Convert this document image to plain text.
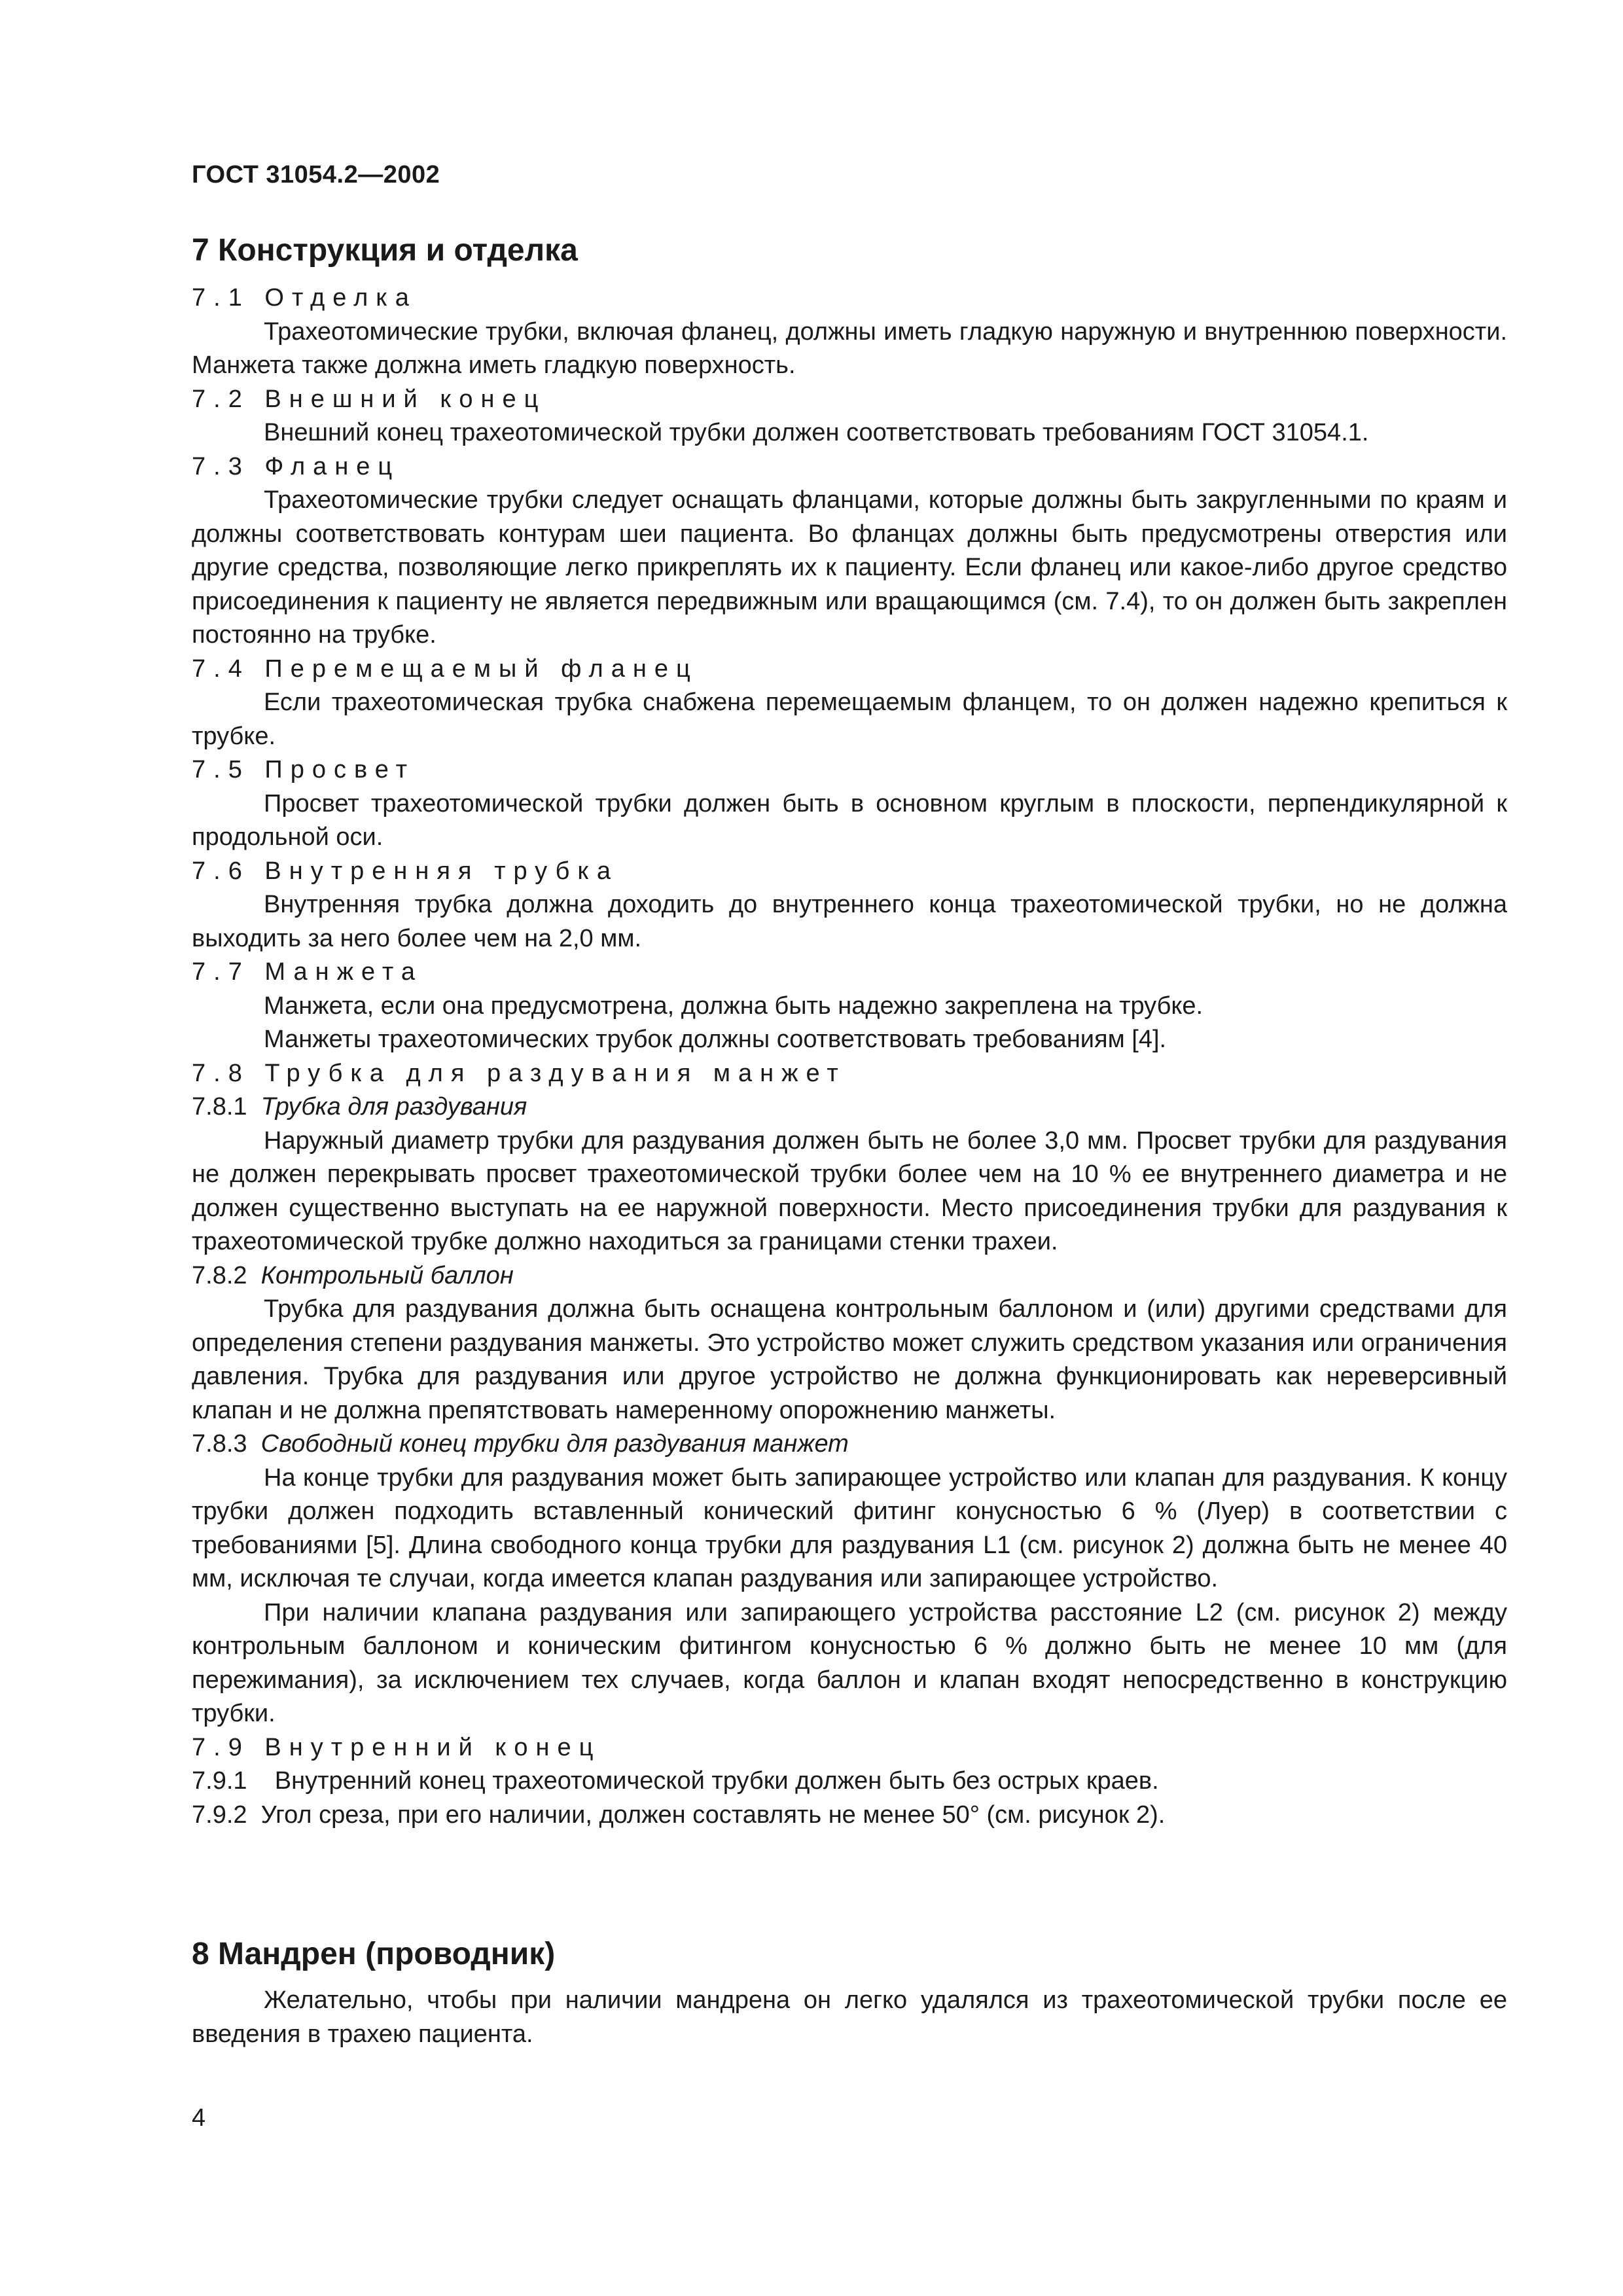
ГОСТ 31054.2—2002

7 Конструкция и отделка

7.1 Отделка

Трахеотомические трубки, включая фланец, должны иметь гладкую наружную и внутреннюю поверхности. Манжета также должна иметь гладкую поверхность.

7.2 Внешний конец

Внешний конец трахеотомической трубки должен соответствовать требованиям ГОСТ 31054.1.

7.3 Фланец

Трахеотомические трубки следует оснащать фланцами, которые должны быть закругленными по краям и должны соответствовать контурам шеи пациента. Во фланцах должны быть предусмотрены отверстия или другие средства, позволяющие легко прикреплять их к пациенту. Если фланец или какое-либо другое средство присоединения к пациенту не является передвижным или вращающимся (см. 7.4), то он должен быть закреплен постоянно на трубке.

7.4 Перемещаемый фланец

Если трахеотомическая трубка снабжена перемещаемым фланцем, то он должен надежно крепиться к трубке.

7.5 Просвет

Просвет трахеотомической трубки должен быть в основном круглым в плоскости, перпендикулярной к продольной оси.

7.6 Внутренняя трубка

Внутренняя трубка должна доходить до внутреннего конца трахеотомической трубки, но не должна выходить за него более чем на 2,0 мм.

7.7 Манжета

Манжета, если она предусмотрена, должна быть надежно закреплена на трубке.

Манжеты трахеотомических трубок должны соответствовать требованиям [4].

7.8 Трубка для раздувания манжет

7.8.1 Трубка для раздувания

Наружный диаметр трубки для раздувания должен быть не более 3,0 мм. Просвет трубки для раздувания не должен перекрывать просвет трахеотомической трубки более чем на 10 % ее внутреннего диаметра и не должен существенно выступать на ее наружной поверхности. Место присоединения трубки для раздувания к трахеотомической трубке должно находиться за границами стенки трахеи.

7.8.2 Контрольный баллон

Трубка для раздувания должна быть оснащена контрольным баллоном и (или) другими средствами для определения степени раздувания манжеты. Это устройство может служить средством указания или ограничения давления. Трубка для раздувания или другое устройство не должна функционировать как нереверсивный клапан и не должна препятствовать намеренному опорожнению манжеты.

7.8.3 Свободный конец трубки для раздувания манжет

На конце трубки для раздувания может быть запирающее устройство или клапан для раздувания. К концу трубки должен подходить вставленный конический фитинг конусностью 6 % (Луер) в соответствии с требованиями [5]. Длина свободного конца трубки для раздувания L1 (см. рисунок 2) должна быть не менее 40 мм, исключая те случаи, когда имеется клапан раздувания или запирающее устройство.

При наличии клапана раздувания или запирающего устройства расстояние L2 (см. рисунок 2) между контрольным баллоном и коническим фитингом конусностью 6 % должно быть не менее 10 мм (для пережимания), за исключением тех случаев, когда баллон и клапан входят непосредственно в конструкцию трубки.

7.9 Внутренний конец

7.9.1    Внутренний конец трахеотомической трубки должен быть без острых краев.

7.9.2  Угол среза, при его наличии, должен составлять не менее 50° (см. рисунок 2).

8 Мандрен (проводник)

Желательно, чтобы при наличии мандрена он легко удалялся из трахеотомической трубки после ее введения в трахею пациента.

4
